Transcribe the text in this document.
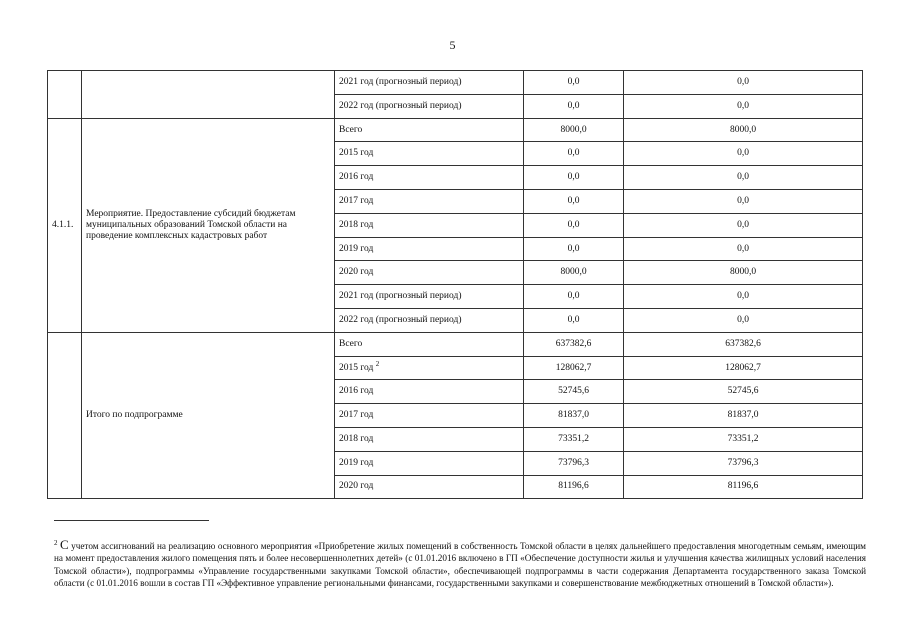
5
		2021 год (прогнозный период)	0,0	0,0
		2022 год (прогнозный период)	0,0	0,0
4.1.1.	Мероприятие. Предоставление субсидий бюджетам муниципальных образований Томской области на проведение комплексных кадастровых работ	Всего	8000,0	8000,0
		2015 год	0,0	0,0
		2016 год	0,0	0,0
		2017 год	0,0	0,0
		2018 год	0,0	0,0
		2019 год	0,0	0,0
		2020 год	8000,0	8000,0
		2021 год (прогнозный период)	0,0	0,0
		2022 год (прогнозный период)	0,0	0,0
	Итого по подпрограмме	Всего	637382,6	637382,6
		2015 год $^2$	128062,7	128062,7
		2016 год	52745,6	52745,6
		2017 год	81837,0	81837,0
		2018 год	73351,2	73351,2
		2019 год	73796,3	73796,3
		2020 год	81196,6	81196,6
$^2$ С учетом ассигнований на реализацию основного мероприятия «Приобретение жилых помещений в собственность Томской области в целях дальнейшего предоставления многодетным семьям, имеющим на момент предоставления жилого помещения пять и более несовершеннолетних детей» (с 01.01.2016 включено в ГП «Обеспечение доступности жилья и улучшения качества жилищных условий населения Томской области»), подпрограммы «Управление государственными закупками Томской области», обеспечивающей подпрограммы в части содержания Департамента государственного заказа Томской области (с 01.01.2016 вошли в состав ГП «Эффективное управление региональными финансами, государственными закупками и совершенствование межбюджетных отношений в Томской области»).
